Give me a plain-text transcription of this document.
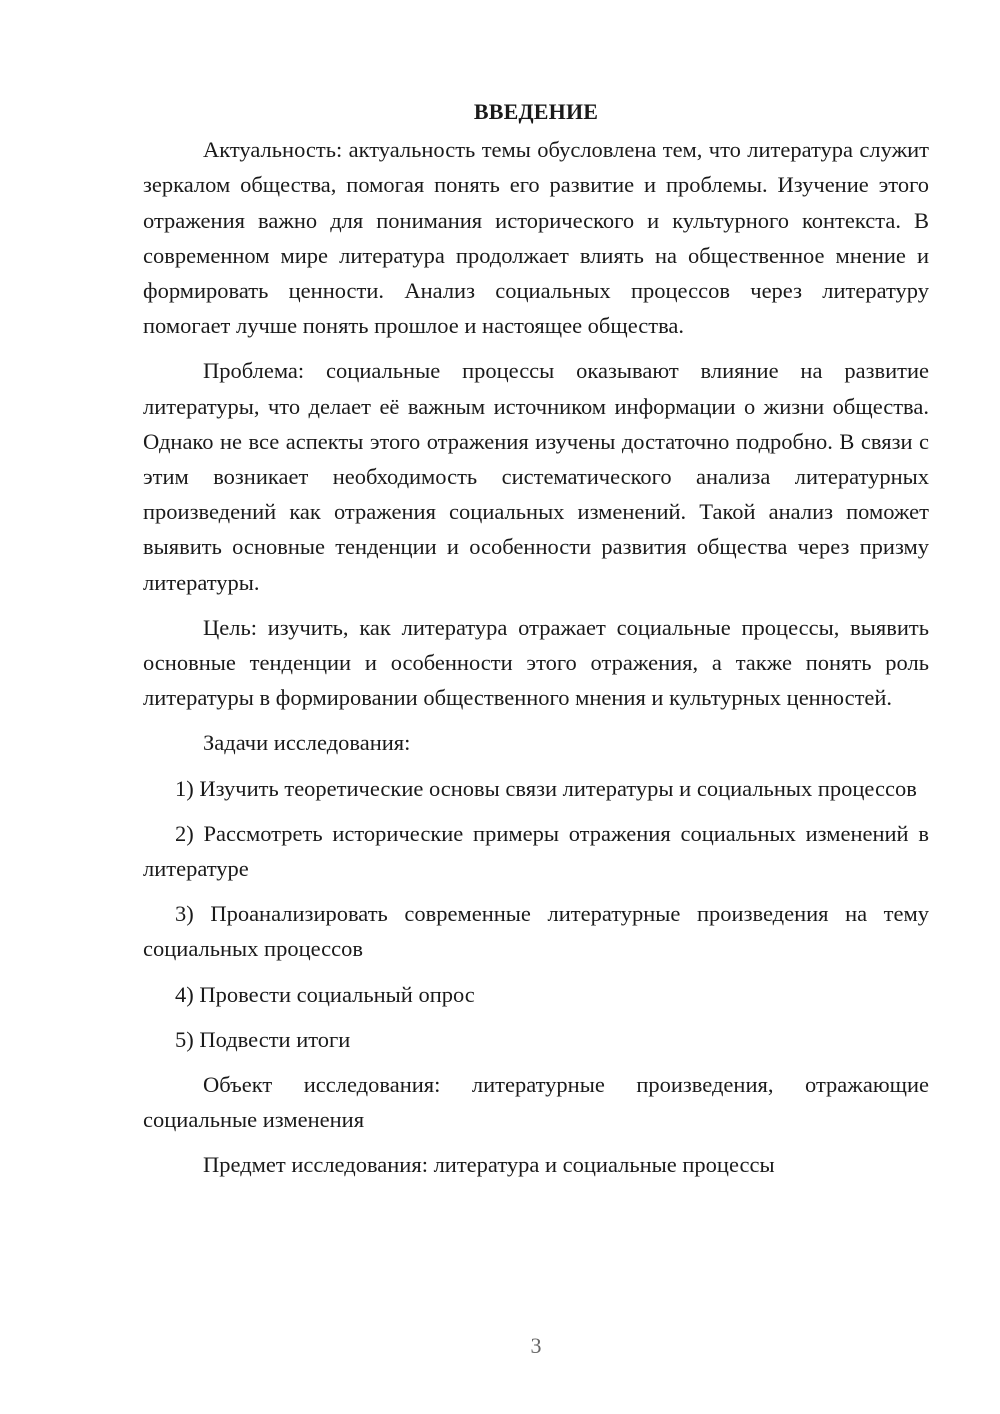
ВВЕДЕНИЕ

Актуальность: актуальность темы обусловлена тем, что литература служит зеркалом общества, помогая понять его развитие и проблемы. Изучение этого отражения важно для понимания исторического и культурного контекста. В современном мире литература продолжает влиять на общественное мнение и формировать ценности. Анализ социальных процессов через литературу помогает лучше понять прошлое и настоящее общества.

Проблема: социальные процессы оказывают влияние на развитие литературы, что делает её важным источником информации о жизни общества. Однако не все аспекты этого отражения изучены достаточно подробно. В связи с этим возникает необходимость систематического анализа литературных произведений как отражения социальных изменений. Такой анализ поможет выявить основные тенденции и особенности развития общества через призму литературы.

Цель: изучить, как литература отражает социальные процессы, выявить основные тенденции и особенности этого отражения, а также понять роль литературы в формировании общественного мнения и культурных ценностей.

Задачи исследования:

1) Изучить теоретические основы связи литературы и социальных процессов

2) Рассмотреть исторические примеры отражения социальных изменений в литературе

3) Проанализировать современные литературные произведения на тему социальных процессов

4) Провести социальный опрос

5) Подвести итоги

Объект исследования: литературные произведения, отражающие социальные изменения

Предмет исследования: литература и социальные процессы

3
